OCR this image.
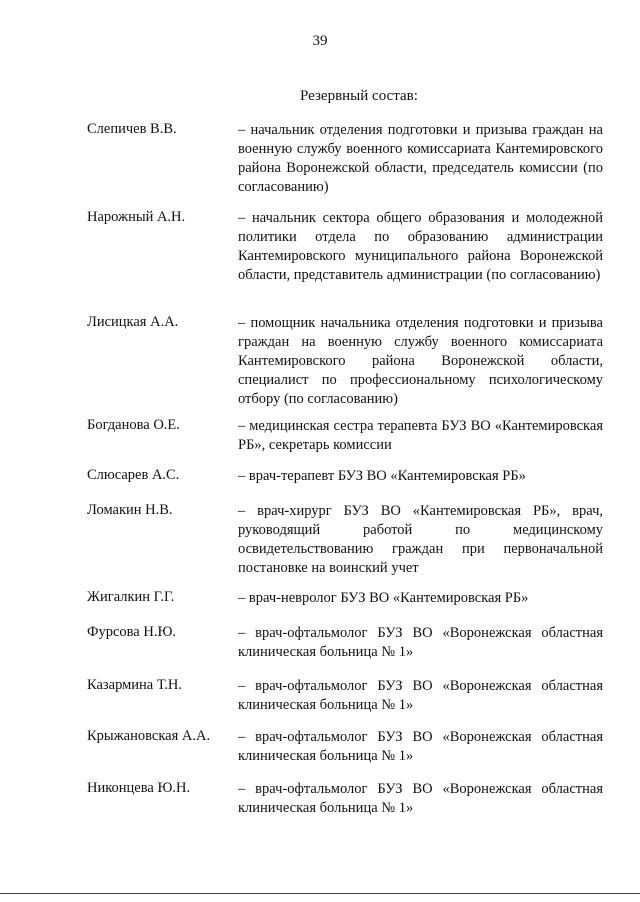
39
Резервный состав:
Слепичев В.В.	– начальник отделения подготовки и призыва граждан на военную службу военного комиссариата Кантемировского района Воронежской области, председатель комиссии (по согласованию)
Нарожный А.Н.	– начальник сектора общего образования и молодежной политики отдела по образованию администрации Кантемировского муниципального района Воронежской области, представитель администрации (по согласованию)
Лисицкая А.А.	– помощник начальника отделения подготовки и призыва граждан на военную службу военного комиссариата Кантемировского района Воронежской области, специалист по профессиональному психологическому отбору (по согласованию)
Богданова О.Е.	– медицинская сестра терапевта БУЗ ВО «Кантемировская РБ», секретарь комиссии
Слюсарев А.С.	– врач-терапевт БУЗ ВО «Кантемировская РБ»
Ломакин Н.В.	– врач-хирург БУЗ ВО «Кантемировская РБ», врач, руководящий работой по медицинскому освидетельствованию граждан при первоначальной постановке на воинский учет
Жигалкин Г.Г.	– врач-невролог БУЗ ВО «Кантемировская РБ»
Фурсова Н.Ю.	– врач-офтальмолог БУЗ ВО «Воронежская областная клиническая больница № 1»
Казармина Т.Н.	– врач-офтальмолог БУЗ ВО «Воронежская областная клиническая больница № 1»
Крыжановская А.А. – врач-офтальмолог БУЗ ВО «Воронежская областная клиническая больница № 1»
Никонцева Ю.Н.	– врач-офтальмолог БУЗ ВО «Воронежская областная клиническая больница № 1»
